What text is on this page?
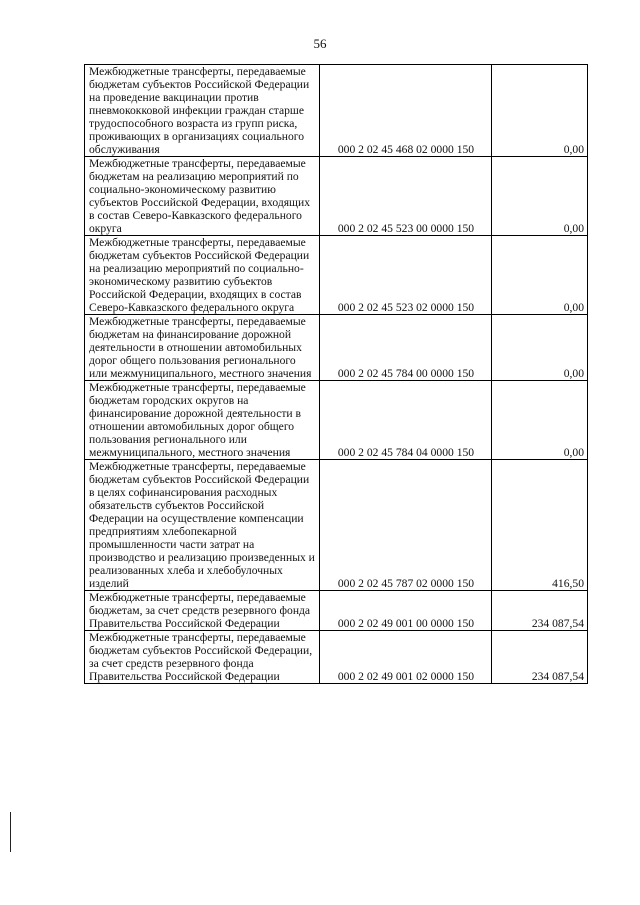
56
Межбюджетные трансферты, передаваемые бюджетам субъектов Российской Федерации на проведение вакцинации против пневмококковой инфекции граждан старше трудоспособного возраста из групп риска, проживающих в организациях социального обслуживания	000 2 02 45 468 02 0000 150	0,00
Межбюджетные трансферты, передаваемые бюджетам на реализацию мероприятий по социально-экономическому развитию субъектов Российской Федерации, входящих в состав Северо-Кавказского федерального округа	000 2 02 45 523 00 0000 150	0,00
Межбюджетные трансферты, передаваемые бюджетам субъектов Российской Федерации на реализацию мероприятий по социально-экономическому развитию субъектов Российской Федерации, входящих в состав Северо-Кавказского федерального округа	000 2 02 45 523 02 0000 150	0,00
Межбюджетные трансферты, передаваемые бюджетам на финансирование дорожной деятельности в отношении автомобильных дорог общего пользования регионального или межмуниципального, местного значения	000 2 02 45 784 00 0000 150	0,00
Межбюджетные трансферты, передаваемые бюджетам городских округов на финансирование дорожной деятельности в отношении автомобильных дорог общего пользования регионального или межмуниципального, местного значения	000 2 02 45 784 04 0000 150	0,00
Межбюджетные трансферты, передаваемые бюджетам субъектов Российской Федерации в целях софинансирования расходных обязательств субъектов Российской Федерации на осуществление компенсации предприятиям хлебопекарной промышленности части затрат на производство и реализацию произведенных и реализованных хлеба и хлебобулочных изделий	000 2 02 45 787 02 0000 150	416,50
Межбюджетные трансферты, передаваемые бюджетам, за счет средств резервного фонда Правительства Российской Федерации	000 2 02 49 001 00 0000 150	234 087,54
Межбюджетные трансферты, передаваемые бюджетам субъектов Российской Федерации, за счет средств резервного фонда Правительства Российской Федерации	000 2 02 49 001 02 0000 150	234 087,54
